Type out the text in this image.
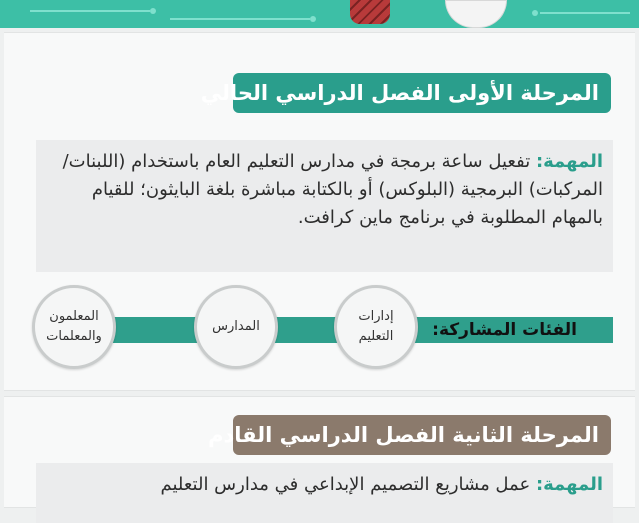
المرحلة الأولى الفصل الدراسي الحالي
المهمة: تفعيل ساعة برمجة في مدارس التعليم العام باستخدام (اللبنات/المركبات) البرمجية (البلوكس) أو بالكتابة مباشرة بلغة البايثون؛ للقيام بالمهام المطلوبة في برنامج ماين كرافت.
الفئات المشاركة:
إدارات التعليم
المدارس
المعلمون والمعلمات
المرحلة الثانية الفصل الدراسي القادم
المهمة: عمل مشاريع التصميم الإبداعي في مدارس التعليم
